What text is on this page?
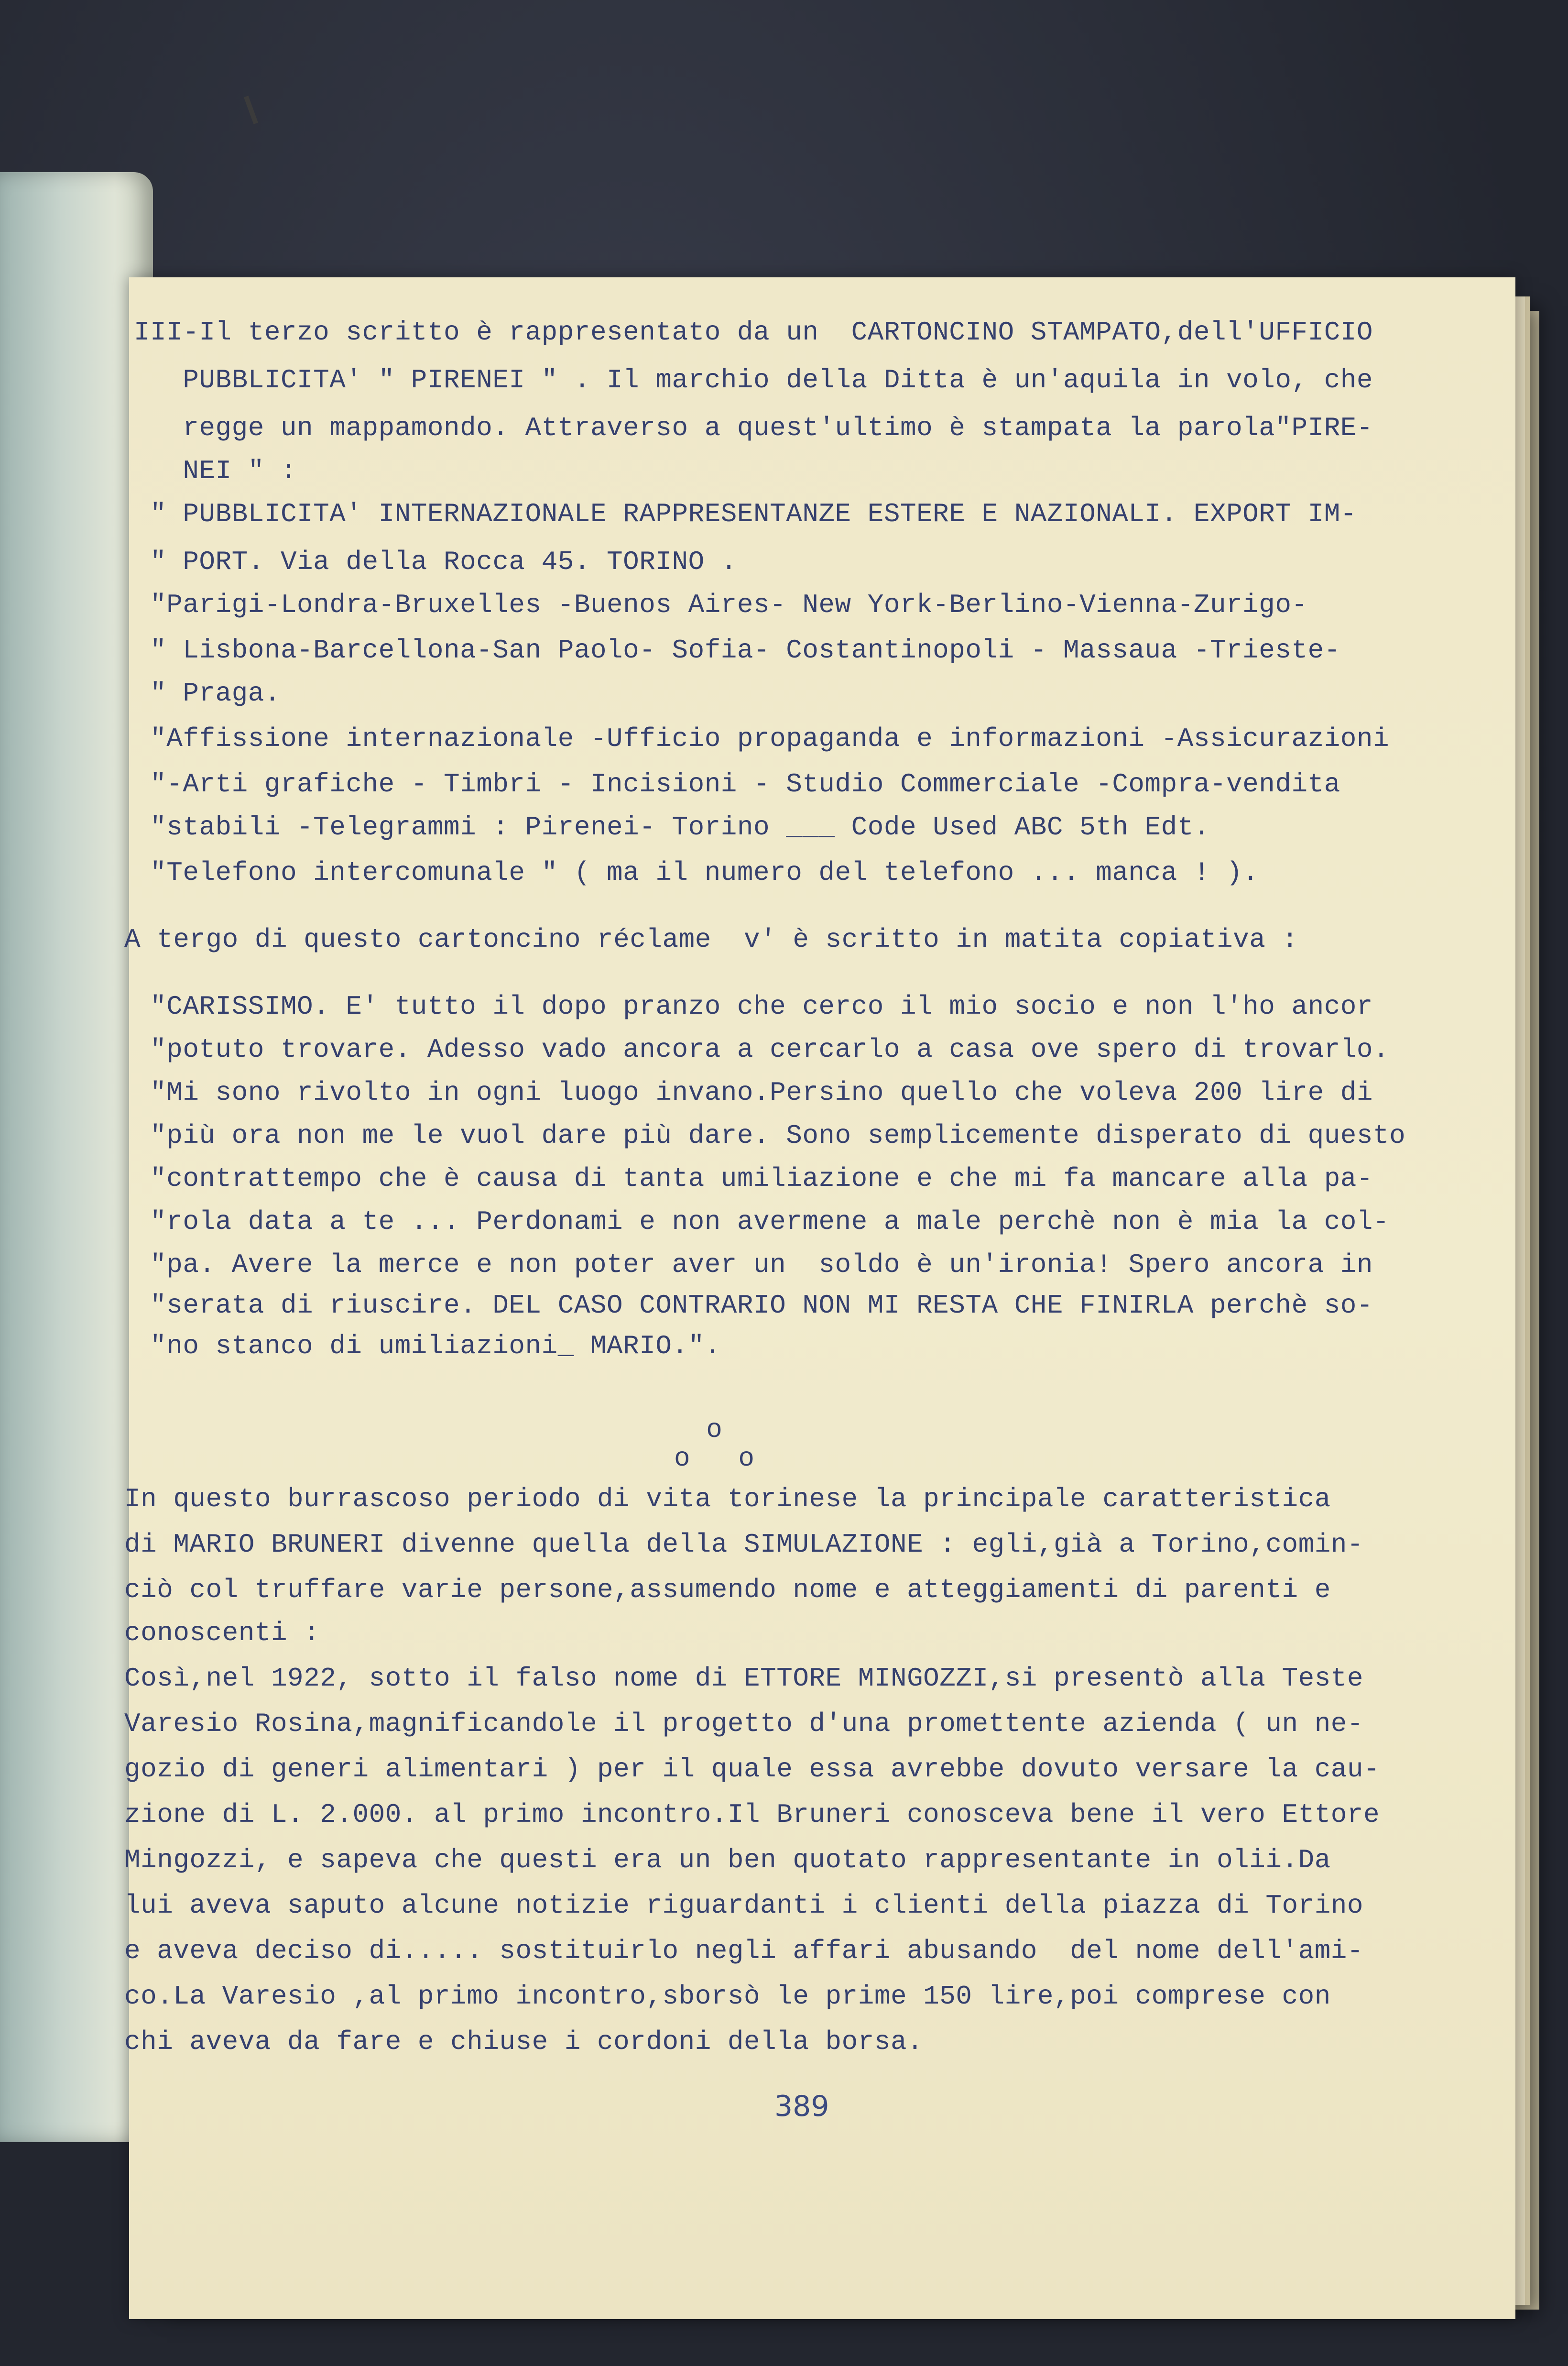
III-Il terzo scritto è rappresentato da un  CARTONCINO STAMPATO,dell'UFFICIO
PUBBLICITA' " PIRENEI " . Il marchio della Ditta è un'aquila in volo, che
regge un mappamondo. Attraverso a quest'ultimo è stampata la parola"PIRE-
NEI " :
" PUBBLICITA' INTERNAZIONALE RAPPRESENTANZE ESTERE E NAZIONALI. EXPORT IM-
" PORT. Via della Rocca 45. TORINO .
"Parigi-Londra-Bruxelles -Buenos Aires- New York-Berlino-Vienna-Zurigo-
" Lisbona-Barcellona-San Paolo- Sofia- Costantinopoli - Massaua -Trieste-
" Praga.
"Affissione internazionale -Ufficio propaganda e informazioni -Assicurazioni
"-Arti grafiche - Timbri - Incisioni - Studio Commerciale -Compra-vendita
"stabili -Telegrammi : Pirenei- Torino ___ Code Used ABC 5th Edt.
"Telefono intercomunale " ( ma il numero del telefono ... manca ! ).
A tergo di questo cartoncino réclame  v' è scritto in matita copiativa :
"CARISSIMO. E' tutto il dopo pranzo che cerco il mio socio e non l'ho ancor
"potuto trovare. Adesso vado ancora a cercarlo a casa ove spero di trovarlo.
"Mi sono rivolto in ogni luogo invano.Persino quello che voleva 200 lire di
"più ora non me le vuol dare più dare. Sono semplicemente disperato di questo
"contrattempo che è causa di tanta umiliazione e che mi fa mancare alla pa-
"rola data a te ... Perdonami e non avermene a male perchè non è mia la col-
"pa. Avere la merce e non poter aver un  soldo è un'ironia! Spero ancora in
"serata di riuscire. DEL CASO CONTRARIO NON MI RESTA CHE FINIRLA perchè so-
"no stanco di umiliazioni_ MARIO.".
o
o   o
In questo burrascoso periodo di vita torinese la principale caratteristica
di MARIO BRUNERI divenne quella della SIMULAZIONE : egli,già a Torino,comin-
ciò col truffare varie persone,assumendo nome e atteggiamenti di parenti e
conoscenti :
Così,nel 1922, sotto il falso nome di ETTORE MINGOZZI,si presentò alla Teste
Varesio Rosina,magnificandole il progetto d'una promettente azienda ( un ne-
gozio di generi alimentari ) per il quale essa avrebbe dovuto versare la cau-
zione di L. 2.000. al primo incontro.Il Bruneri conosceva bene il vero Ettore
Mingozzi, e sapeva che questi era un ben quotato rappresentante in olii.Da
lui aveva saputo alcune notizie riguardanti i clienti della piazza di Torino
e aveva deciso di..... sostituirlo negli affari abusando  del nome dell'ami-
co.La Varesio ,al primo incontro,sborsò le prime 150 lire,poi comprese con
chi aveva da fare e chiuse i cordoni della borsa.
389
